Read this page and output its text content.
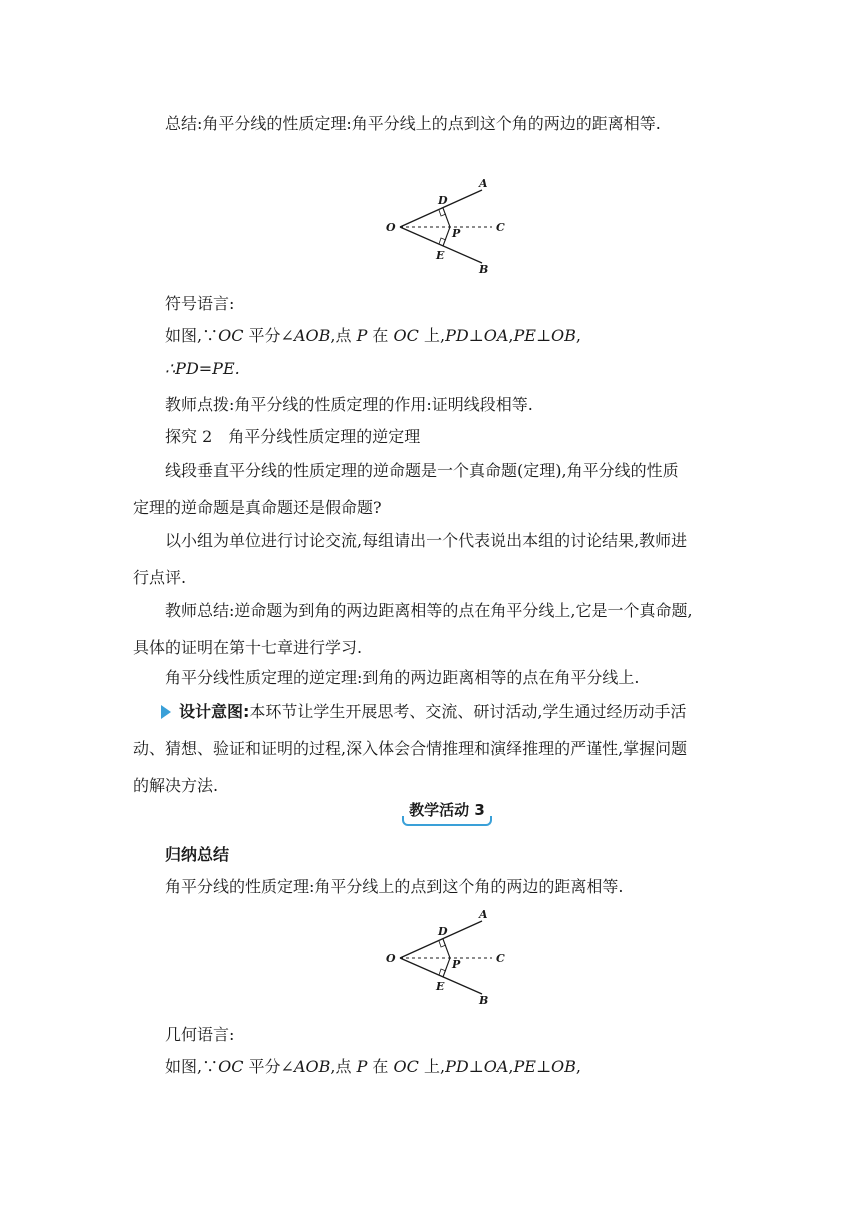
总结:角平分线的性质定理:角平分线上的点到这个角的两边的距离相等.
O
A
B
C
D
E
P
符号语言:
如图,∵OC 平分∠AOB,点 P 在 OC 上,PD⊥OA,PE⊥OB,
∴PD=PE.
教师点拨:角平分线的性质定理的作用:证明线段相等.
探究 2　角平分线性质定理的逆定理
线段垂直平分线的性质定理的逆命题是一个真命题(定理),角平分线的性质
定理的逆命题是真命题还是假命题?
以小组为单位进行讨论交流,每组请出一个代表说出本组的讨论结果,教师进
行点评.
教师总结:逆命题为到角的两边距离相等的点在角平分线上,它是一个真命题,
具体的证明在第十七章进行学习.
角平分线性质定理的逆定理:到角的两边距离相等的点在角平分线上.
设计意图:本环节让学生开展思考、交流、研讨活动,学生通过经历动手活
动、猜想、验证和证明的过程,深入体会合情推理和演绎推理的严谨性,掌握问题
的解决方法.
教学活动 3
归纳总结
角平分线的性质定理:角平分线上的点到这个角的两边的距离相等.
O
A
B
C
D
E
P
几何语言:
如图,∵OC 平分∠AOB,点 P 在 OC 上,PD⊥OA,PE⊥OB,
